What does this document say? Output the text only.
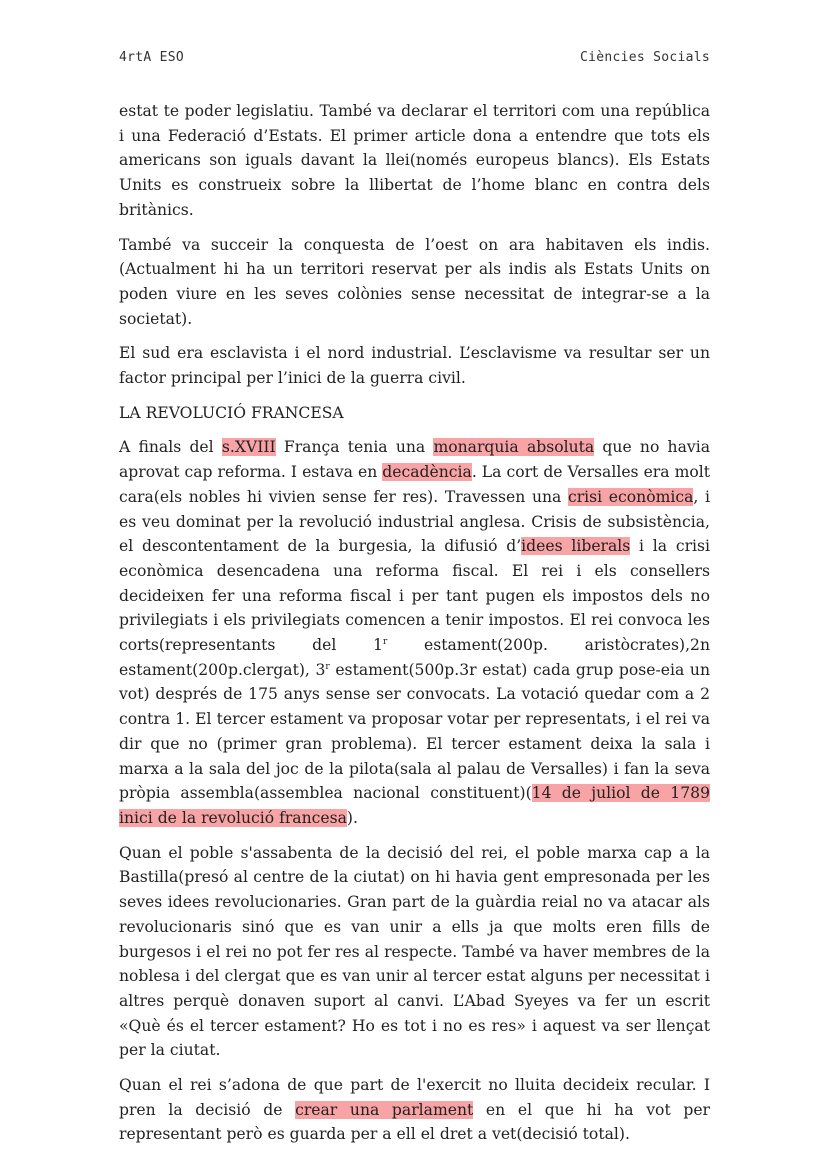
4rtA ESO	Ciències Socials

estat te poder legislatiu. També va declarar el territori com una república i una Federació d’Estats. El primer article dona a entendre que tots els americans son iguals davant la llei(només europeus blancs). Els Estats Units es construeix sobre la llibertat de l’home blanc en contra dels britànics.

També va succeir la conquesta de l’oest on ara habitaven els indis. (Actualment hi ha un territori reservat per als indis als Estats Units on poden viure en les seves colònies sense necessitat de integrar-se a la societat).

El sud era esclavista i el nord industrial. L’esclavisme va resultar ser un factor principal per l’inici de la guerra civil.

LA REVOLUCIÓ FRANCESA

A finals del s.XVIII França tenia una monarquia absoluta que no havia aprovat cap reforma. I estava en decadència. La cort de Versalles era molt cara(els nobles hi vivien sense fer res). Travessen una crisi econòmica, i es veu dominat per la revolució industrial anglesa. Crisis de subsistència, el descontentament de la burgesia, la difusió d’idees liberals i la crisi econòmica desencadena una reforma fiscal. El rei i els consellers decideixen fer una reforma fiscal i per tant pugen els impostos dels no privilegiats i els privilegiats comencen a tenir impostos. El rei convoca les corts(representants del 1$^r$ estament(200p. aristòcrates),2n estament(200p.clergat), 3$^r$ estament(500p.3r estat) cada grup pose-eia un vot) després de 175 anys sense ser convocats. La votació quedar com a 2 contra 1. El tercer estament va proposar votar per representats, i el rei va dir que no (primer gran problema). El tercer estament deixa la sala i marxa a la sala del joc de la pilota(sala al palau de Versalles) i fan la seva pròpia assembla(assemblea nacional constituent)(14 de juliol de 1789 inici de la revolució francesa).

Quan el poble s'assabenta de la decisió del rei, el poble marxa cap a la Bastilla(presó al centre de la ciutat) on hi havia gent empresonada per les seves idees revolucionaries. Gran part de la guàrdia reial no va atacar als revolucionaris sinó que es van unir a ells ja que molts eren fills de burgesos i el rei no pot fer res al respecte. També va haver membres de la noblesa i del clergat que es van unir al tercer estat alguns per necessitat i altres perquè donaven suport al canvi. L’Abad Syeyes va fer un escrit «Què és el tercer estament? Ho es tot i no es res» i aquest va ser llençat per la ciutat.

Quan el rei s’adona de que part de l'exercit no lluita decideix recular. I pren la decisió de crear una parlament en el que hi ha vot per representant però es guarda per a ell el dret a vet(decisió total).
